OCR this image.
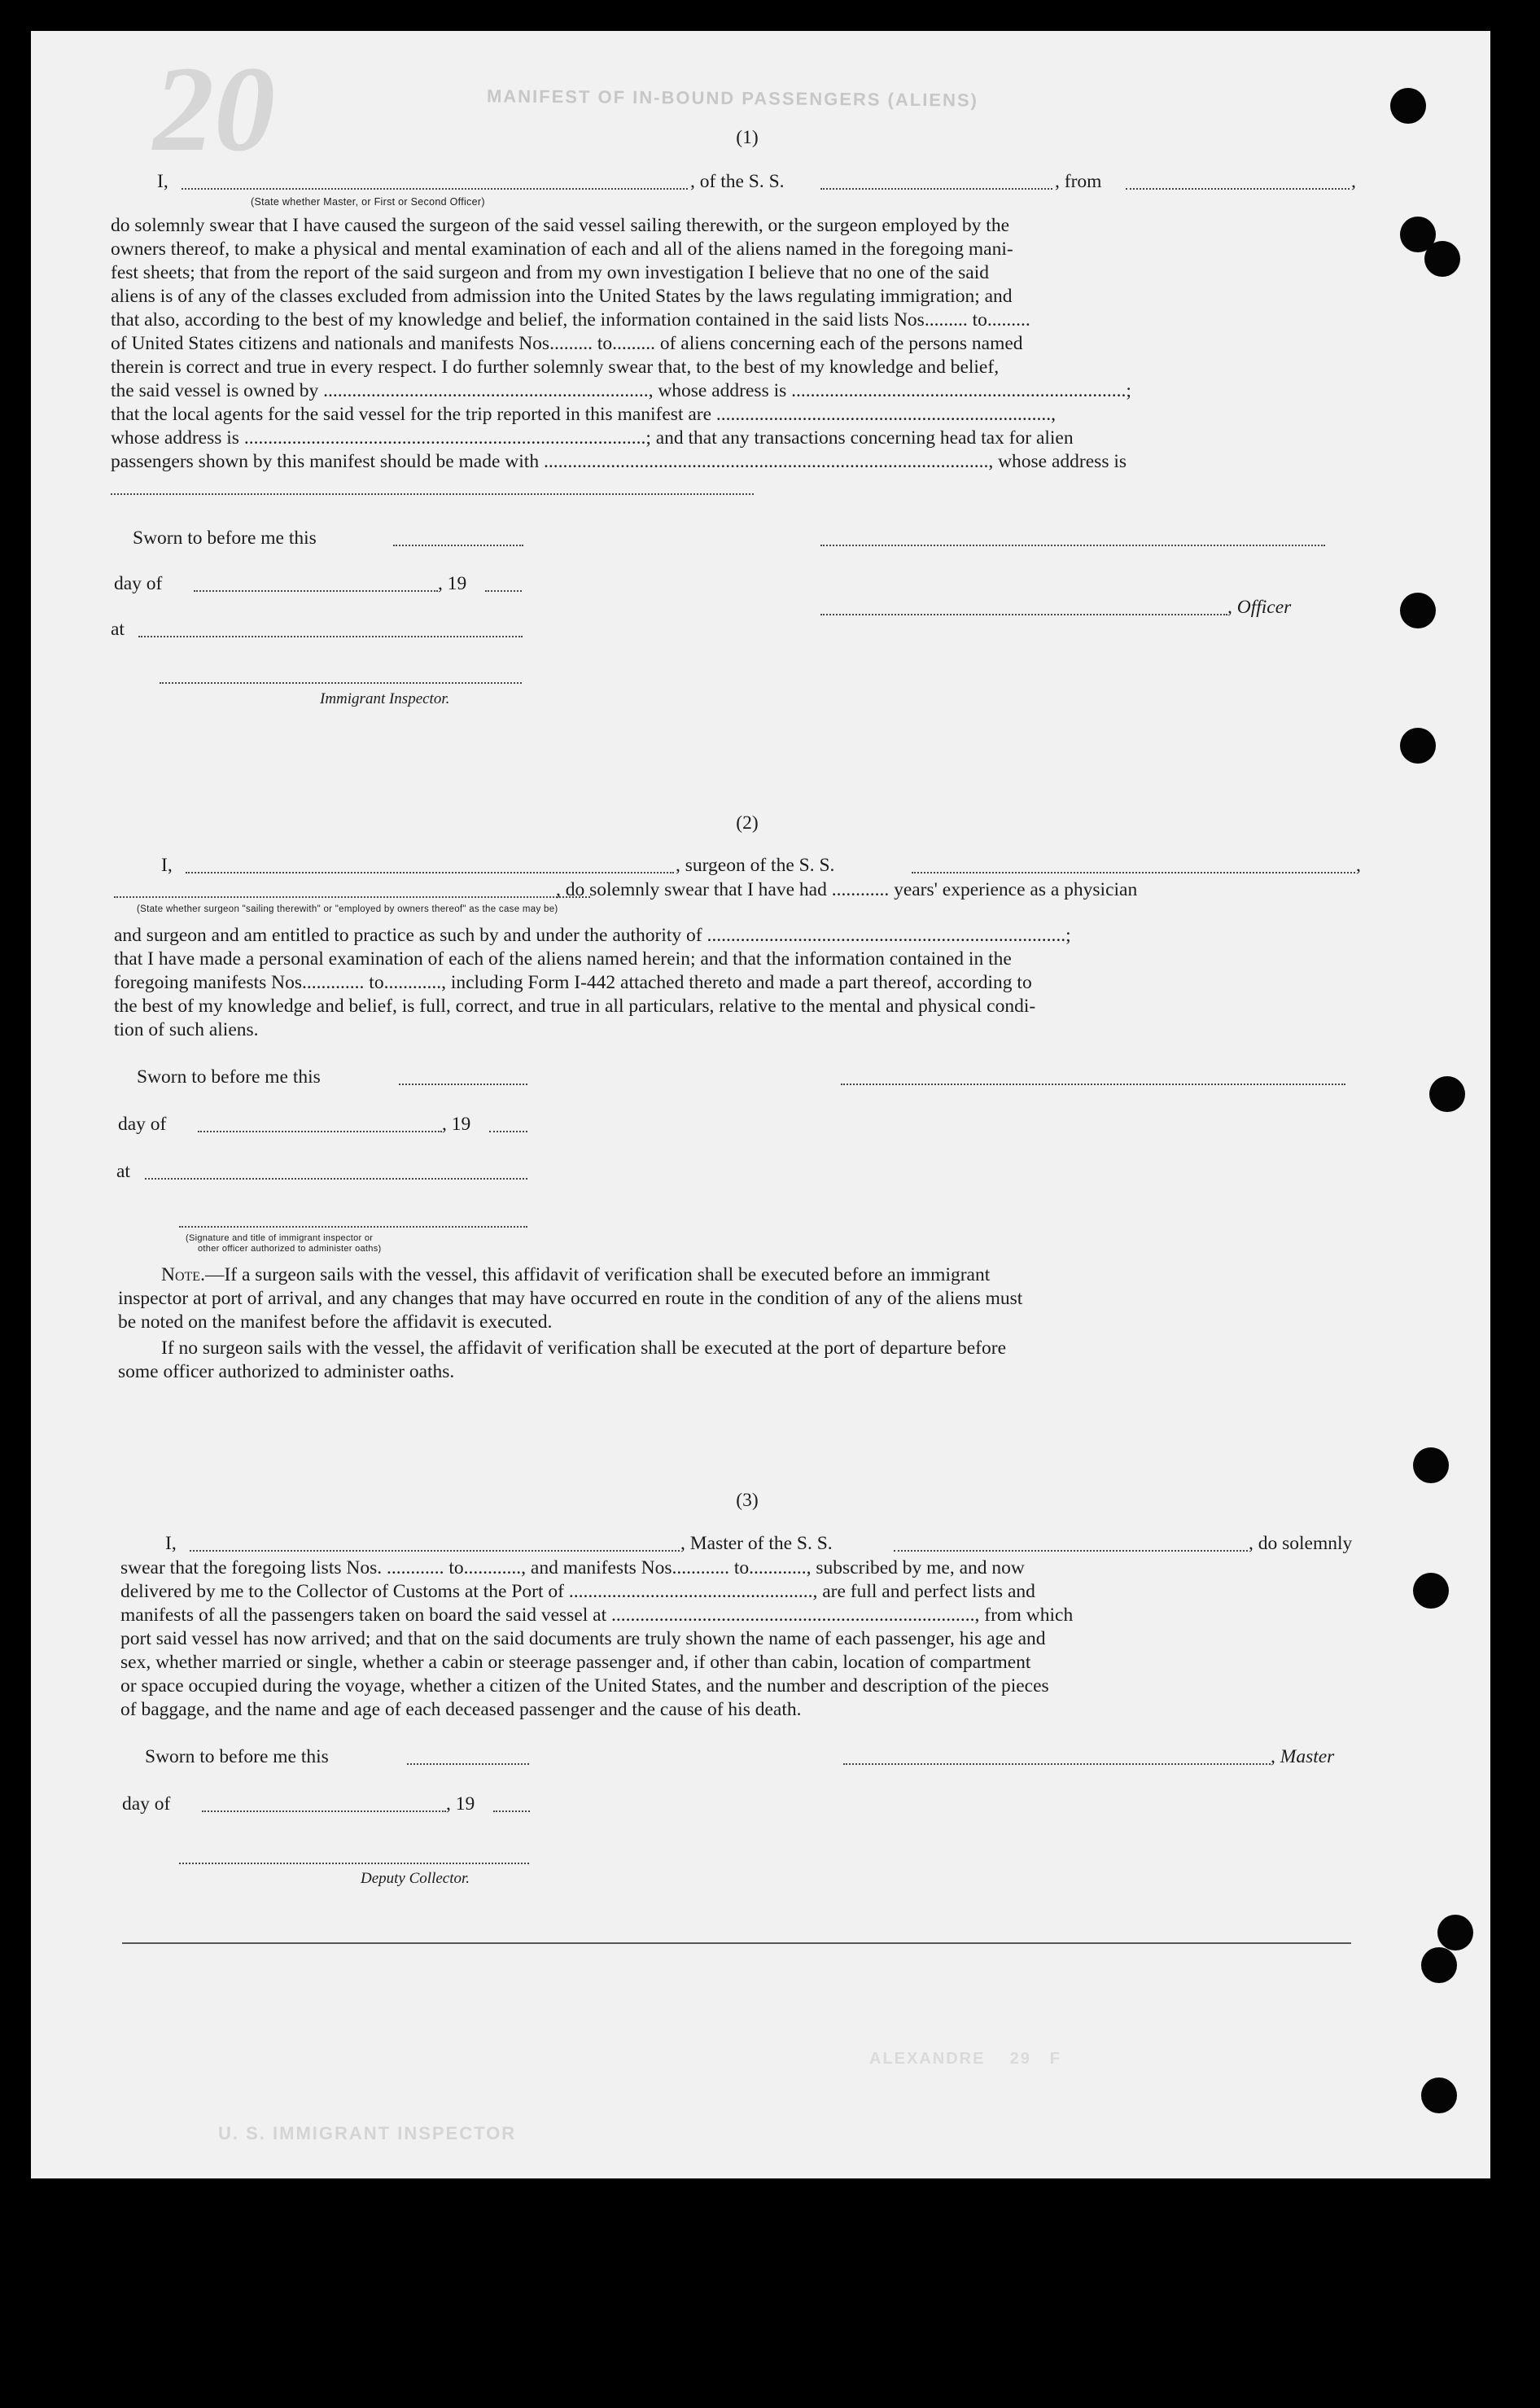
20	MANIFEST OF IN-BOUND PASSENGERS (ALIENS)
(1)
I,	, of the S. S.	, from	,
(State whether Master, or First or Second Officer)
do solemnly swear that I have caused the surgeon of the said vessel sailing therewith, or the surgeon employed by the
owners thereof, to make a physical and mental examination of each and all of the aliens named in the foregoing mani-
fest sheets; that from the report of the said surgeon and from my own investigation I believe that no one of the said
aliens is of any of the classes excluded from admission into the United States by the laws regulating immigration; and
that also, according to the best of my knowledge and belief, the information contained in the said lists Nos......... to.........
of United States citizens and nationals and manifests Nos......... to......... of aliens concerning each of the persons named
therein is correct and true in every respect. I do further solemnly swear that, to the best of my knowledge and belief,
the said vessel is owned by ...................................................................., whose address is ......................................................................;
that the local agents for the said vessel for the trip reported in this manifest are ......................................................................,
whose address is ....................................................................................; and that any transactions concerning head tax for alien
passengers shown by this manifest should be made with ............................................................................................., whose address is
Sworn to before me this
day of	, 19
, Officer
at
Immigrant Inspector.
(2)
I,	, surgeon of the S. S.	,
, do solemnly swear that I have had ............ years' experience as a physician
(State whether surgeon "sailing therewith" or "employed by owners thereof" as the case may be)
and surgeon and am entitled to practice as such by and under the authority of ...........................................................................;
that I have made a personal examination of each of the aliens named herein; and that the information contained in the
foregoing manifests Nos............. to............, including Form I-442 attached thereto and made a part thereof, according to
the best of my knowledge and belief, is full, correct, and true in all particulars, relative to the mental and physical condi-
tion of such aliens.
Sworn to before me this
day of	, 19
at
(Signature and title of immigrant inspector or
other officer authorized to administer oaths)
Note.—If a surgeon sails with the vessel, this affidavit of verification shall be executed before an immigrant
inspector at port of arrival, and any changes that may have occurred en route in the condition of any of the aliens must
be noted on the manifest before the affidavit is executed.
If no surgeon sails with the vessel, the affidavit of verification shall be executed at the port of departure before
some officer authorized to administer oaths.
(3)
I,	, Master of the S. S.	, do solemnly
swear that the foregoing lists Nos. ............ to............, and manifests Nos............ to............, subscribed by me, and now
delivered by me to the Collector of Customs at the Port of ..................................................., are full and perfect lists and
manifests of all the passengers taken on board the said vessel at ............................................................................, from which
port said vessel has now arrived; and that on the said documents are truly shown the name of each passenger, his age and
sex, whether married or single, whether a cabin or steerage passenger and, if other than cabin, location of compartment
or space occupied during the voyage, whether a citizen of the United States, and the number and description of the pieces
of baggage, and the name and age of each deceased passenger and the cause of his death.
Sworn to before me this	, Master
day of	, 19
Deputy Collector.
ALEXANDRE    29   F
U. S. IMMIGRANT INSPECTOR
